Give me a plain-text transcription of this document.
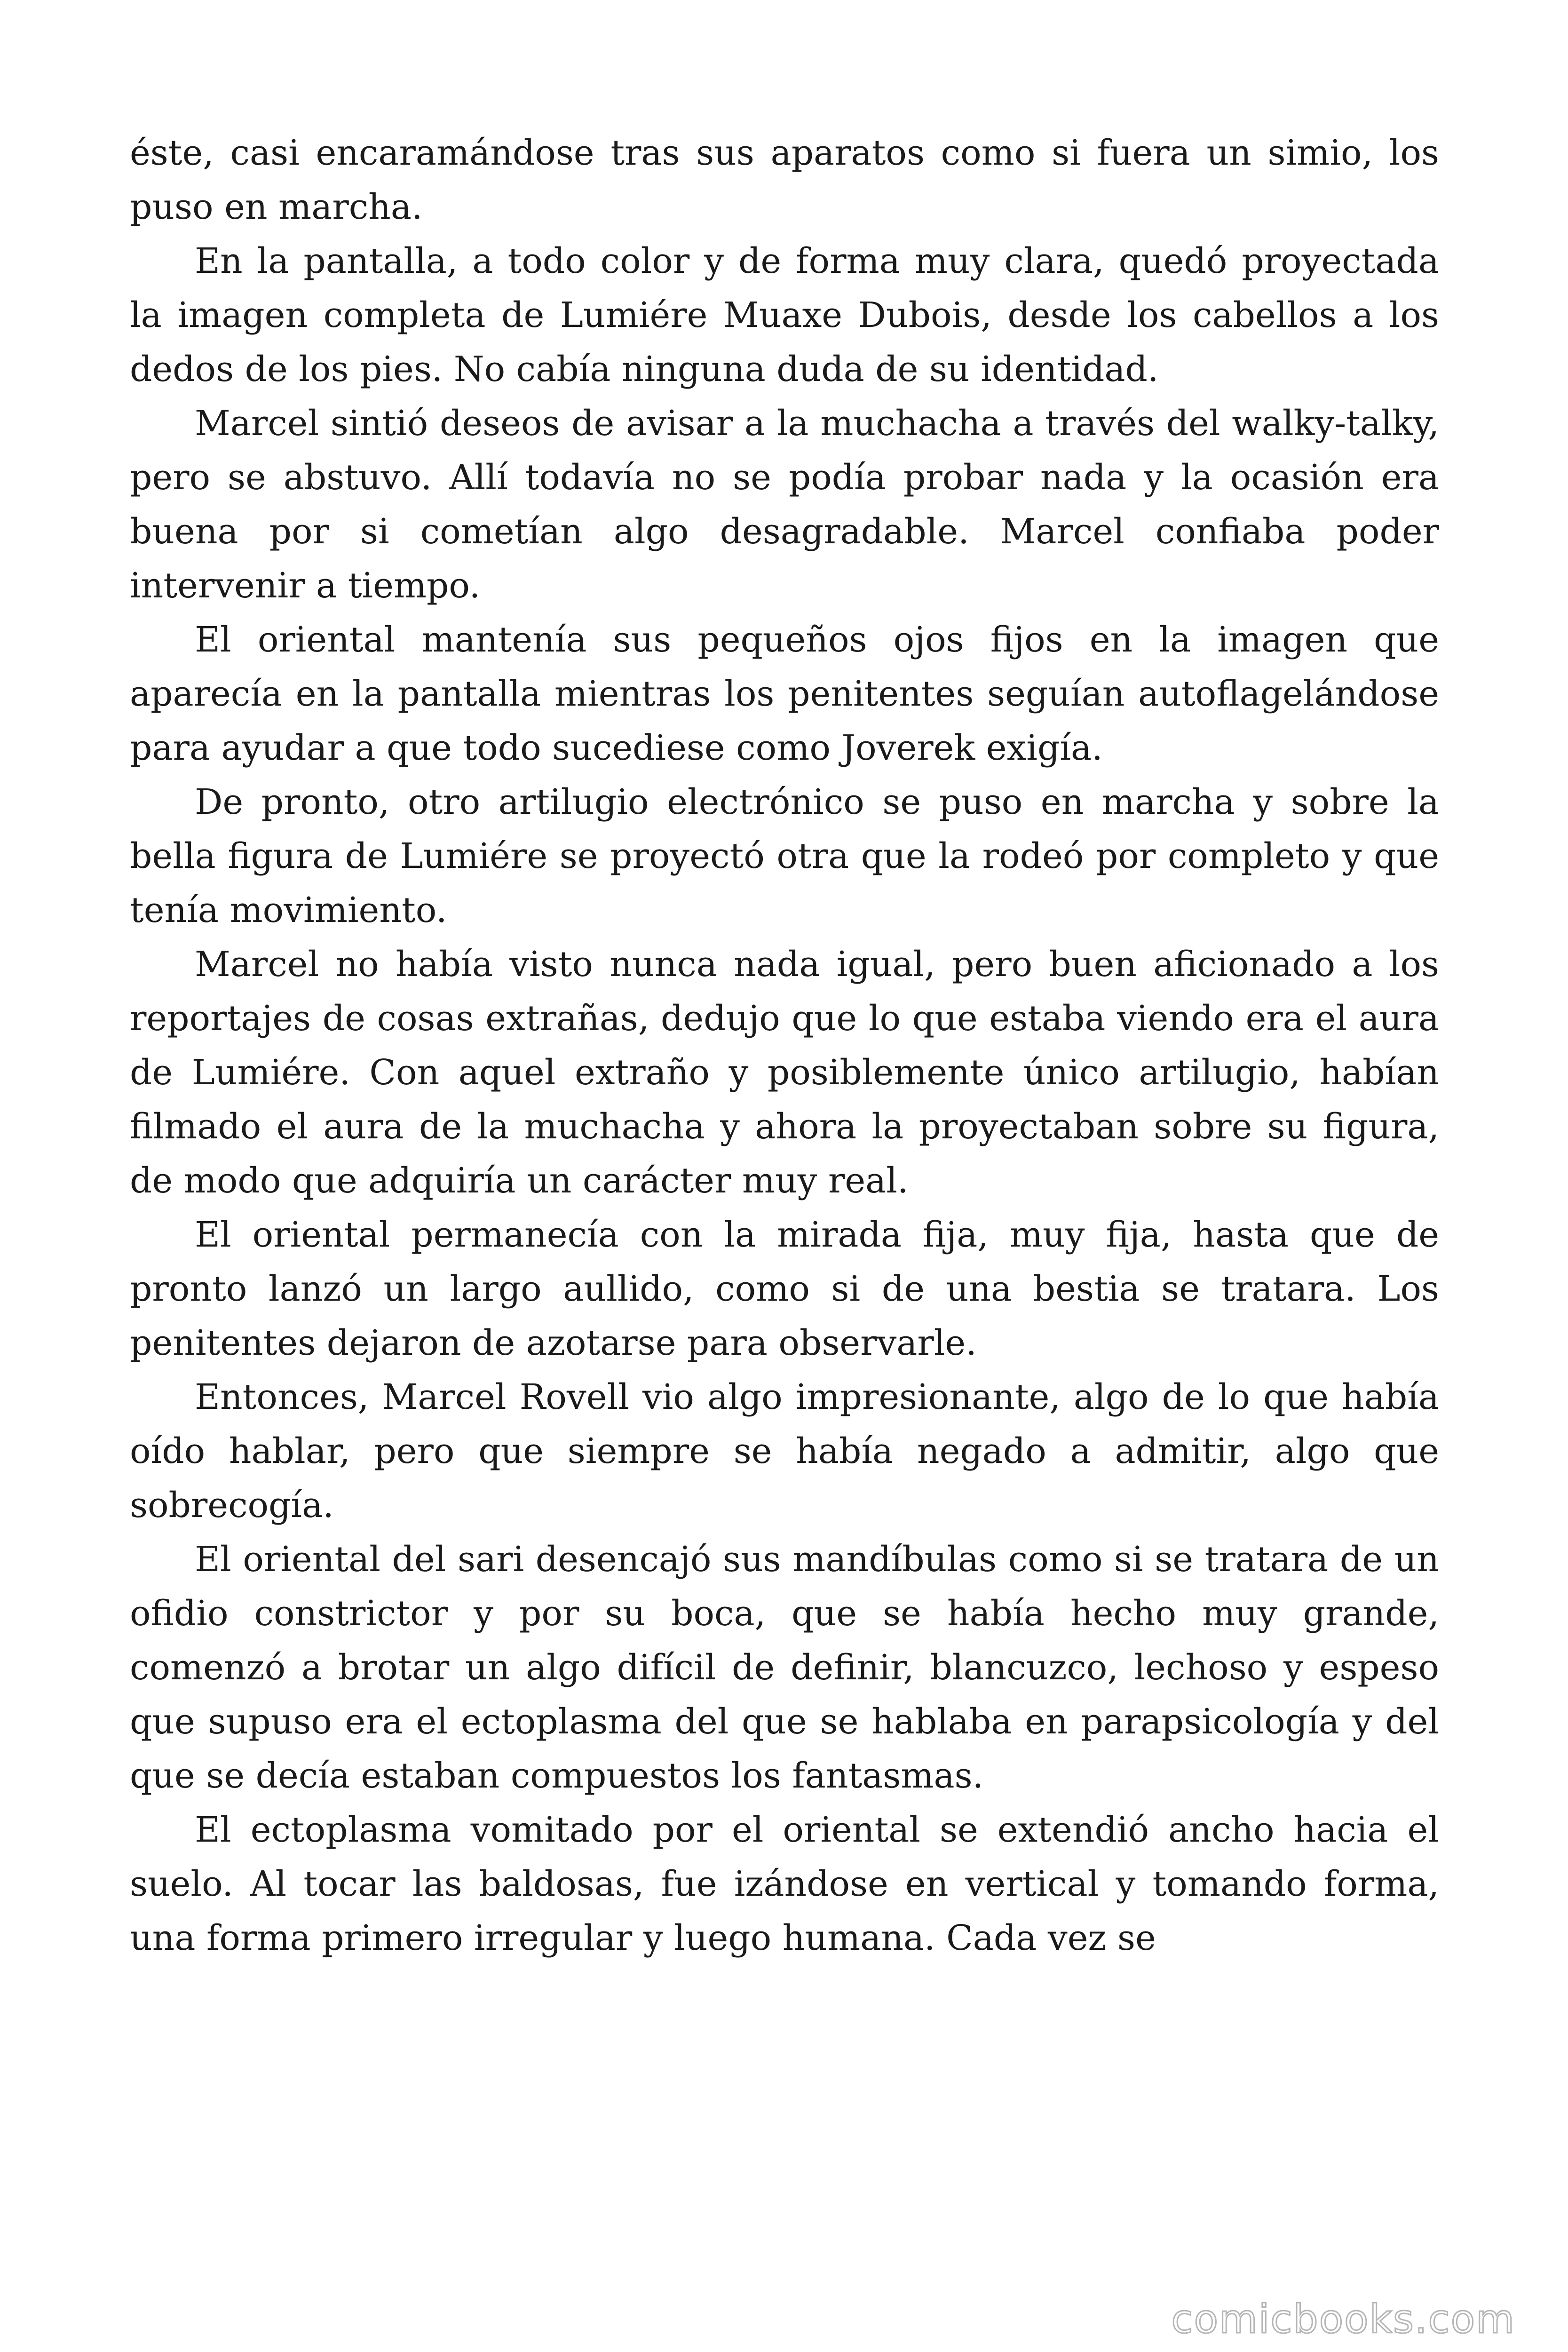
éste, casi encaramándose tras sus aparatos como si fuera un simio, los puso en marcha.

En la pantalla, a todo color y de forma muy clara, quedó proyectada la imagen completa de Lumiére Muaxe Dubois, desde los cabellos a los dedos de los pies. No cabía ninguna duda de su identidad.

Marcel sintió deseos de avisar a la muchacha a través del walky-talky, pero se abstuvo. Allí todavía no se podía probar nada y la ocasión era buena por si cometían algo desagradable. Marcel confiaba poder intervenir a tiempo.

El oriental mantenía sus pequeños ojos fijos en la imagen que aparecía en la pantalla mientras los penitentes seguían autoflagelándose para ayudar a que todo sucediese como Joverek exigía.

De pronto, otro artilugio electrónico se puso en marcha y sobre la bella figura de Lumiére se proyectó otra que la rodeó por completo y que tenía movimiento.

Marcel no había visto nunca nada igual, pero buen aficionado a los reportajes de cosas extrañas, dedujo que lo que estaba viendo era el aura de Lumiére. Con aquel extraño y posiblemente único artilugio, habían filmado el aura de la muchacha y ahora la proyectaban sobre su figura, de modo que adquiría un carácter muy real.

El oriental permanecía con la mirada fija, muy fija, hasta que de pronto lanzó un largo aullido, como si de una bestia se tratara. Los penitentes dejaron de azotarse para observarle.

Entonces, Marcel Rovell vio algo impresionante, algo de lo que había oído hablar, pero que siempre se había negado a admitir, algo que sobrecogía.

El oriental del sari desencajó sus mandíbulas como si se tratara de un ofidio constrictor y por su boca, que se había hecho muy grande, comenzó a brotar un algo difícil de definir, blancuzco, lechoso y espeso que supuso era el ectoplasma del que se hablaba en parapsicología y del que se decía estaban compuestos los fantasmas.

El ectoplasma vomitado por el oriental se extendió ancho hacia el suelo. Al tocar las baldosas, fue izándose en vertical y tomando forma, una forma primero irregular y luego humana. Cada vez se

comicbooks.com
